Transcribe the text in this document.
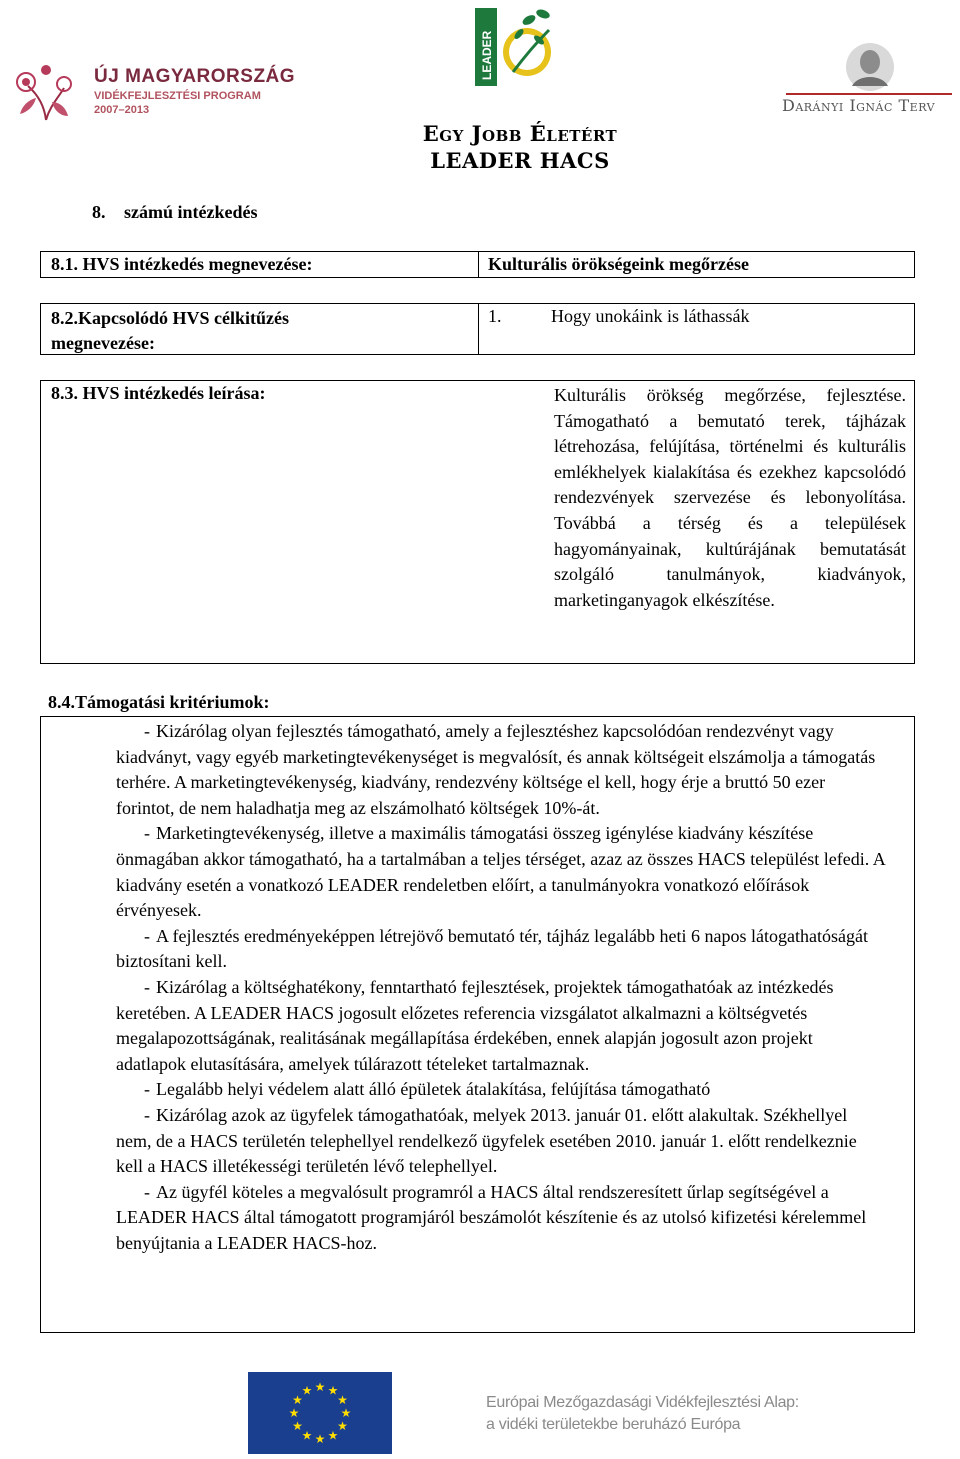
ÚJ MAGYARORSZÁG
VIDÉKFEJLESZTÉSI PROGRAM
2007–2013
LEADER
Darányi Ignác Terv
Egy Jobb Életért
LEADER HACS
8. számú intézkedés
8.1. HVS intézkedés megnevezése:	Kulturális örökségeink megőrzése
8.2.Kapcsolódó HVS célkitűzés megnevezése:
1.	Hogy unokáink is láthassák
8.3. HVS intézkedés leírása:	Kulturális örökség megőrzése, fejlesztése. Támogatható a bemutató terek, tájházak létrehozása, felújítása, történelmi és kulturális emlékhelyek kialakítása és ezekhez kapcsolódó rendezvények szervezése és lebonyolítása. Továbbá a térség és a települések hagyományainak, kultúrájának bemutatását szolgáló tanulmányok, kiadványok, marketinganyagok elkészítése.
8.4.Támogatási kritériumok:

- Kizárólag olyan fejlesztés támogatható, amely a fejlesztéshez kapcsolódóan rendezvényt vagy kiadványt, vagy egyéb marketingtevékenységet is megvalósít, és annak költségeit elszámolja a támogatás terhére. A marketingtevékenység, kiadvány, rendezvény költsége el kell, hogy érje a bruttó 50 ezer forintot, de nem haladhatja meg az elszámolható költségek 10%-át.

- Marketingtevékenység, illetve a maximális támogatási összeg igénylése kiadvány készítése önmagában akkor támogatható, ha a tartalmában a teljes térséget, azaz az összes HACS települést lefedi. A kiadvány esetén a vonatkozó LEADER rendeletben előírt, a tanulmányokra vonatkozó előírások érvényesek.

- A fejlesztés eredményeképpen létrejövő bemutató tér, tájház legalább heti 6 napos látogathatóságát biztosítani kell.

- Kizárólag a költséghatékony, fenntartható fejlesztések, projektek támogathatóak az intézkedés keretében. A LEADER HACS jogosult előzetes referencia vizsgálatot alkalmazni a költségvetés megalapozottságának, realitásának megállapítása érdekében, ennek alapján jogosult azon projekt adatlapok elutasítására, amelyek túlárazott tételeket tartalmaznak.

- Legalább helyi védelem alatt álló épületek átalakítása, felújítása támogatható

- Kizárólag azok az ügyfelek támogathatóak, melyek 2013. január 01. előtt alakultak. Székhellyel nem, de a HACS területén telephellyel rendelkező ügyfelek esetében 2010. január 1. előtt rendelkeznie kell a HACS illetékességi területén lévő telephellyel.

- Az ügyfél köteles a megvalósult programról a HACS által rendszeresített űrlap segítségével a LEADER HACS által támogatott programjáról beszámolót készítenie és az utolsó kifizetési kérelemmel benyújtania a LEADER HACS-hoz.

★
★
★
★
★
★
★
★
★ ★ ★
★	Európai Mezőgazdasági Vidékfejlesztési Alap:
a vidéki területekbe beruházó Európa
